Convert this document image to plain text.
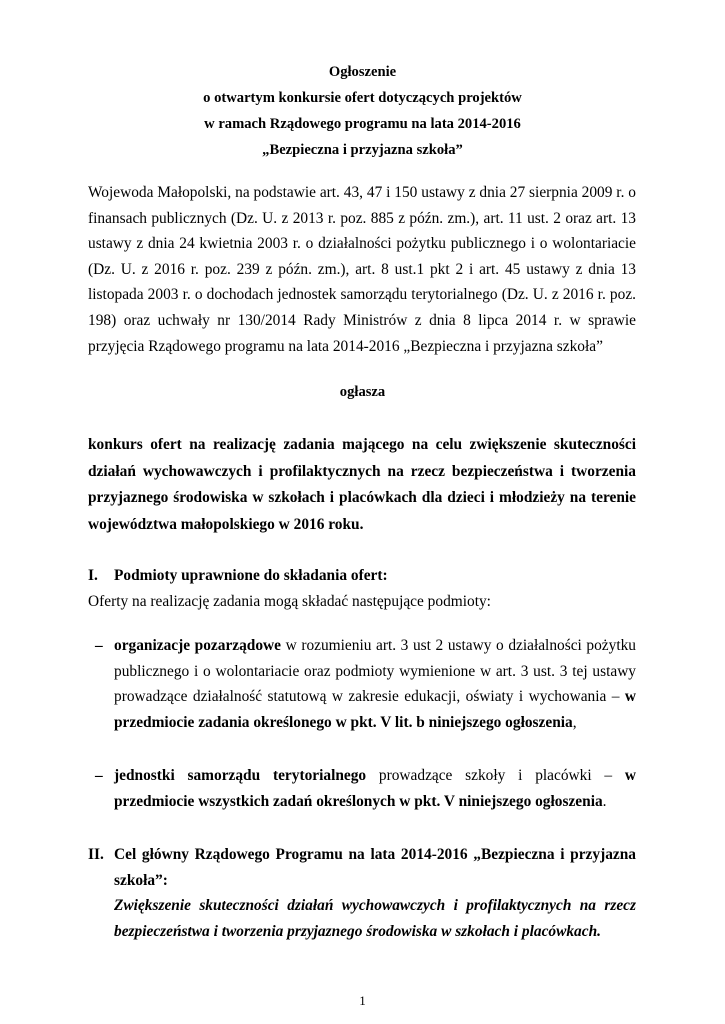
Ogłoszenie
o otwartym konkursie ofert dotyczących projektów
w ramach Rządowego programu na lata 2014-2016
„Bezpieczna i przyjazna szkoła”
Wojewoda Małopolski, na podstawie art. 43, 47 i 150 ustawy z dnia 27 sierpnia 2009 r. o finansach publicznych (Dz. U. z 2013 r. poz. 885 z późn. zm.), art. 11 ust. 2 oraz art. 13 ustawy z dnia 24 kwietnia 2003 r. o działalności pożytku publicznego i o wolontariacie (Dz. U. z 2016 r. poz. 239 z późn. zm.), art. 8 ust.1 pkt 2 i art. 45 ustawy z dnia 13 listopada 2003 r. o dochodach jednostek samorządu terytorialnego (Dz. U. z 2016 r. poz. 198) oraz uchwały nr 130/2014 Rady Ministrów z dnia 8 lipca 2014 r. w sprawie przyjęcia Rządowego programu na lata 2014-2016 „Bezpieczna i przyjazna szkoła”
ogłasza
konkurs ofert na realizację zadania mającego na celu zwiększenie skuteczności działań wychowawczych i profilaktycznych na rzecz bezpieczeństwa i tworzenia przyjaznego środowiska w szkołach i placówkach dla dzieci i młodzieży na terenie województwa małopolskiego w 2016 roku.
I.	Podmioty uprawnione do składania ofert:
Oferty na realizację zadania mogą składać następujące podmioty:
– organizacje pozarządowe w rozumieniu art. 3 ust 2 ustawy o działalności pożytku publicznego i o wolontariacie oraz podmioty wymienione w art. 3 ust. 3 tej ustawy prowadzące działalność statutową w zakresie edukacji, oświaty i wychowania – w przedmiocie zadania określonego w pkt. V lit. b niniejszego ogłoszenia,
– jednostki samorządu terytorialnego prowadzące szkoły i placówki – w przedmiocie wszystkich zadań określonych w pkt. V niniejszego ogłoszenia.
II. Cel główny Rządowego Programu na lata 2014-2016 „Bezpieczna i przyjazna szkoła”:
Zwiększenie skuteczności działań wychowawczych i profilaktycznych na rzecz bezpieczeństwa i tworzenia przyjaznego środowiska w szkołach i placówkach.
1
